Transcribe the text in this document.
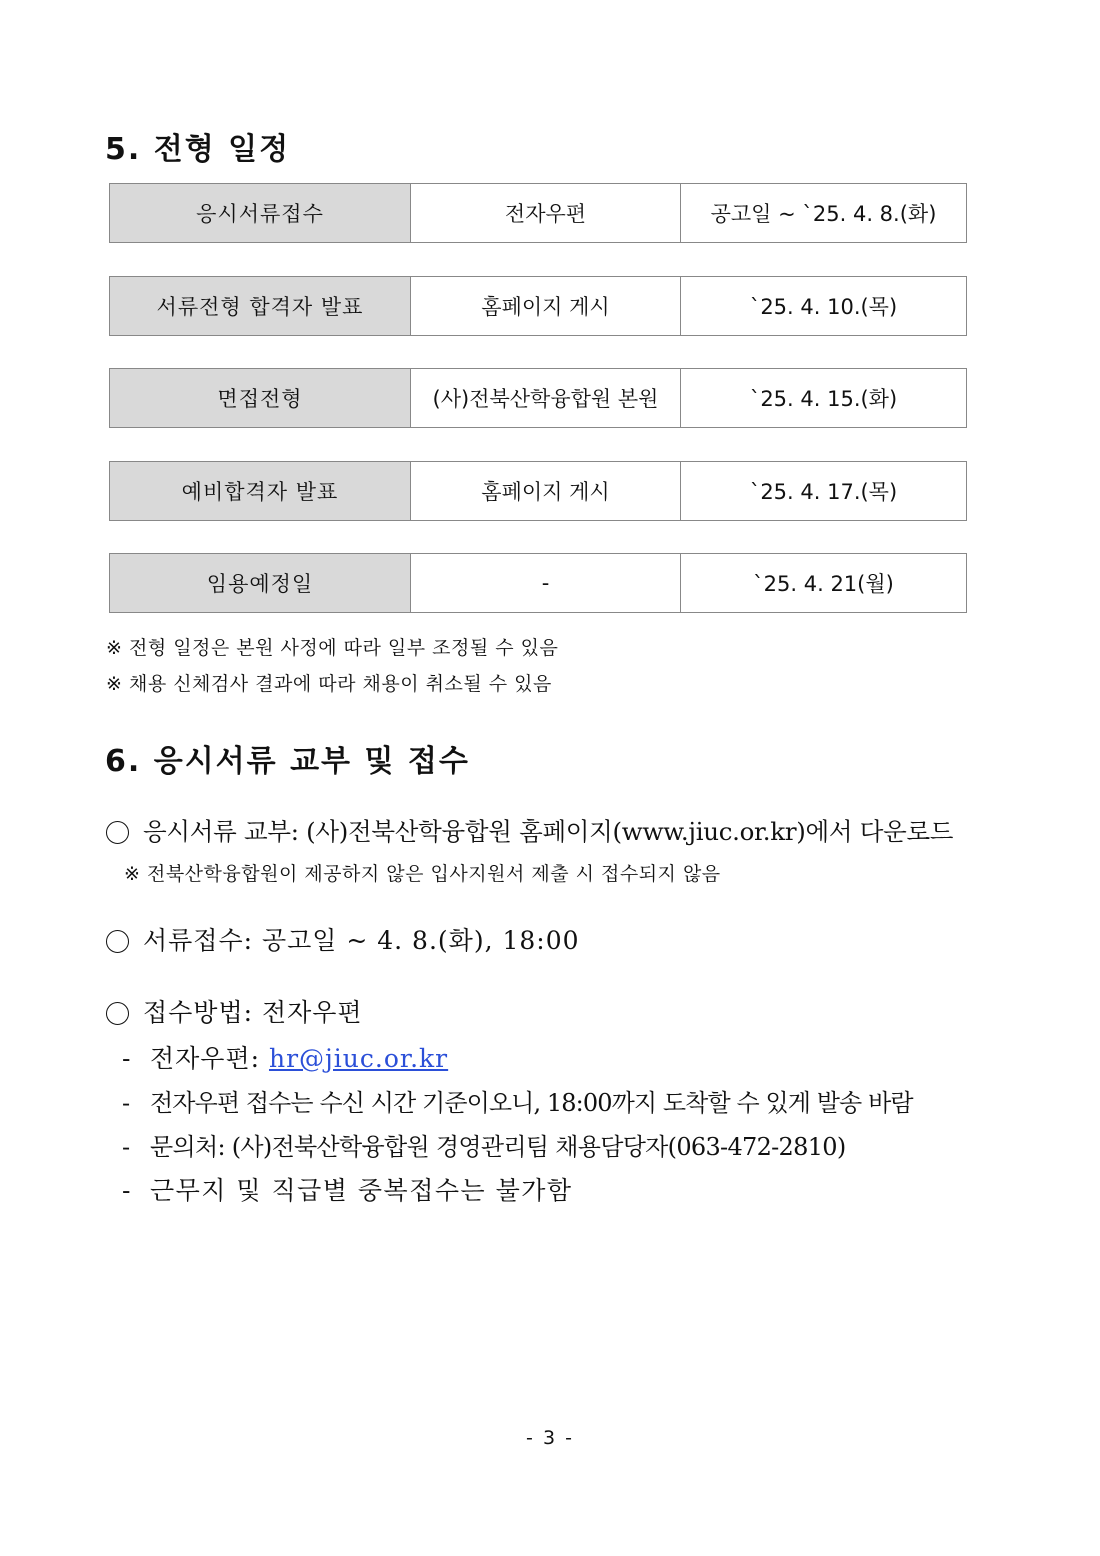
5. 전형 일정
응시서류접수	전자우편	공고일 ~ `25. 4. 8.(화)
서류전형 합격자 발표	홈페이지 게시	`25. 4. 10.(목)
면접전형	(사)전북산학융합원 본원	`25. 4. 15.(화)
예비합격자 발표	홈페이지 게시	`25. 4. 17.(목)
임용예정일	-	`25. 4. 21(월)
※ 전형 일정은 본원 사정에 따라 일부 조정될 수 있음
※ 채용 신체검사 결과에 따라 채용이 취소될 수 있음
6. 응시서류 교부 및 접수
응시서류 교부: (사)전북산학융합원 홈페이지(www.jiuc.or.kr)에서 다운로드
※ 전북산학융합원이 제공하지 않은 입사지원서 제출 시 접수되지 않음
서류접수: 공고일 ~ 4. 8.(화), 18:00
접수방법: 전자우편
- 전자우편: hr@jiuc.or.kr
- 전자우편 접수는 수신 시간 기준이오니, 18:00까지 도착할 수 있게 발송 바람
- 문의처: (사)전북산학융합원 경영관리팀 채용담당자(063-472-2810)
- 근무지 및 직급별 중복접수는 불가함
- 3 -
